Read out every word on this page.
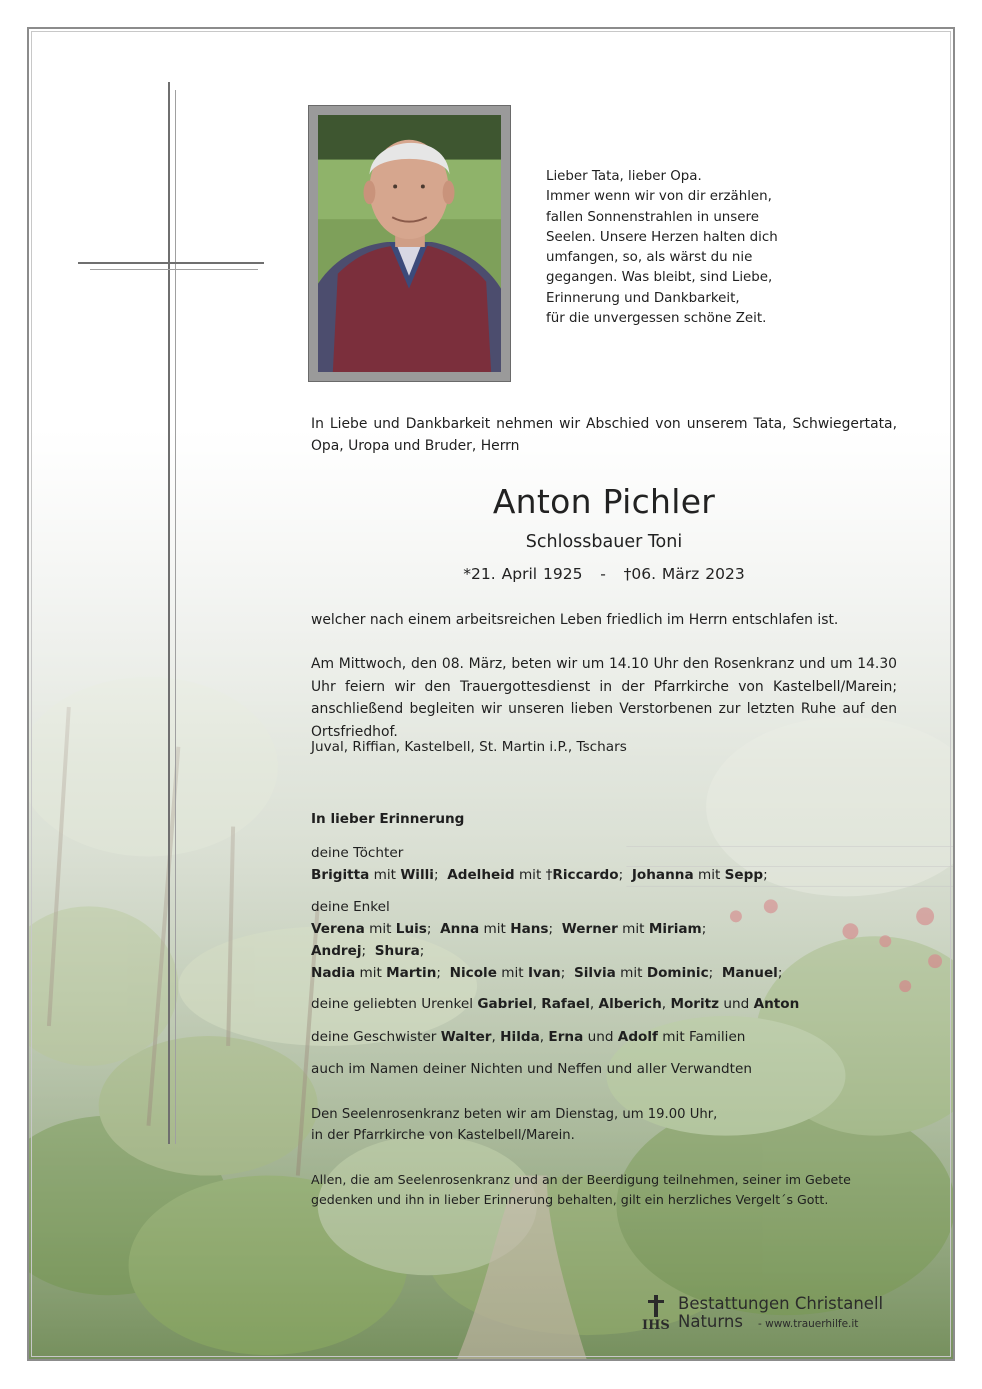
Lieber Tata, lieber Opa.
Immer wenn wir von dir erzählen,
fallen Sonnenstrahlen in unsere
Seelen. Unsere Herzen halten dich
umfangen, so, als wärst du nie
gegangen. Was bleibt, sind Liebe,
Erinnerung und Dankbarkeit,
für die unvergessen schöne Zeit.
In Liebe und Dankbarkeit nehmen wir Abschied von unserem Tata, Schwiegertata, Opa, Uropa und Bruder, Herrn
Anton Pichler
Schlossbauer Toni
*21. April 1925 - †06. März 2023
welcher nach einem arbeitsreichen Leben friedlich im Herrn entschlafen ist.
Am Mittwoch, den 08. März, beten wir um 14.10 Uhr den Rosenkranz und um 14.30 Uhr feiern wir den Trauergottesdienst in der Pfarrkirche von Kastelbell/Marein; anschließend begleiten wir unseren lieben Verstorbenen zur letzten Ruhe auf den Ortsfriedhof.
Juval, Riffian, Kastelbell, St. Martin i.P., Tschars
In lieber Erinnerung
deine Töchter
Brigitta mit Willi;  Adelheid mit †Riccardo;  Johanna mit Sepp;
deine Enkel
Verena mit Luis;  Anna mit Hans;  Werner mit Miriam;
Andrej;  Shura;
Nadia mit Martin;  Nicole mit Ivan;  Silvia mit Dominic;  Manuel;
deine geliebten Urenkel Gabriel, Rafael, Alberich, Moritz und Anton
deine Geschwister Walter, Hilda, Erna und Adolf mit Familien
auch im Namen deiner Nichten und Neffen und aller Verwandten
Den Seelenrosenkranz beten wir am Dienstag, um 19.00 Uhr,
in der Pfarrkirche von Kastelbell/Marein.
Allen, die am Seelenrosenkranz und an der Beerdigung teilnehmen, seiner im Gebete
gedenken und ihn in lieber Erinnerung behalten, gilt ein herzliches Vergelt´s Gott.
IHS
Bestattungen Christanell
Naturns - www.trauerhilfe.it
